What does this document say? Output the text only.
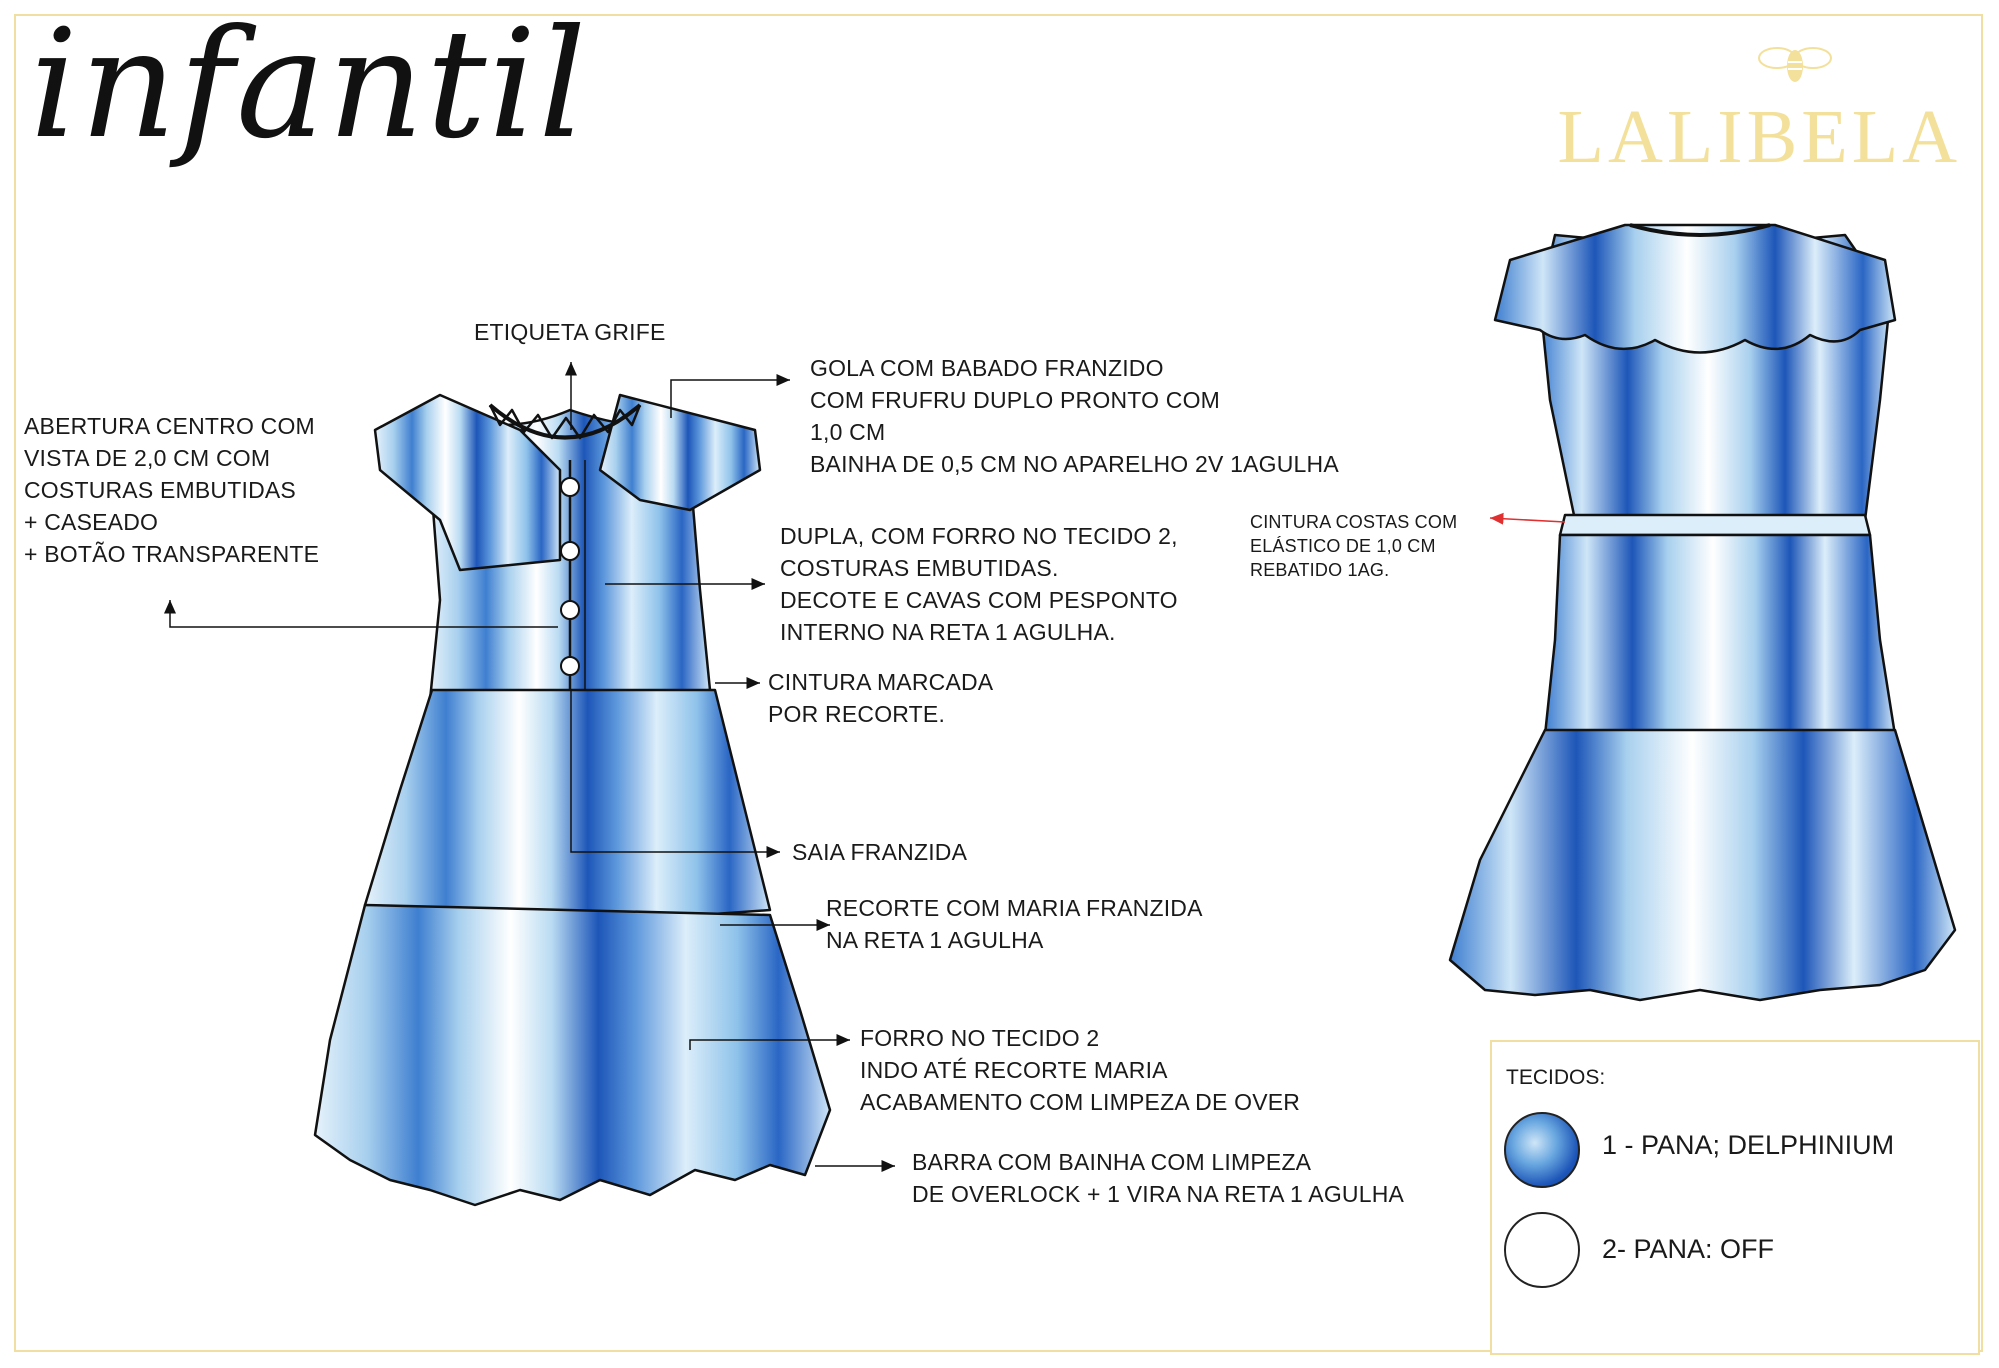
infantil	LALIBELA
ETIQUETA GRIFE
GOLA COM BABADO FRANZIDO
COM FRUFRU DUPLO PRONTO COM
1,0 CM
BAINHA DE 0,5 CM NO APARELHO 2V 1AGULHA
ABERTURA CENTRO COM
VISTA DE 2,0 CM COM
COSTURAS EMBUTIDAS
+ CASEADO
+ BOTÃO TRANSPARENTE
DUPLA, COM FORRO NO TECIDO 2,
COSTURAS EMBUTIDAS.
DECOTE E CAVAS COM PESPONTO
INTERNO NA RETA 1 AGULHA.
CINTURA MARCADA
POR RECORTE.
SAIA FRANZIDA
RECORTE COM MARIA FRANZIDA
NA RETA 1 AGULHA
FORRO NO TECIDO 2
INDO ATÉ RECORTE MARIA
ACABAMENTO COM LIMPEZA DE OVER
BARRA COM BAINHA COM LIMPEZA
DE OVERLOCK + 1 VIRA NA RETA 1 AGULHA
CINTURA COSTAS COM
ELÁSTICO DE 1,0 CM
REBATIDO 1AG.
TECIDOS:
1 - PANA; DELPHINIUM
2- PANA: OFF
